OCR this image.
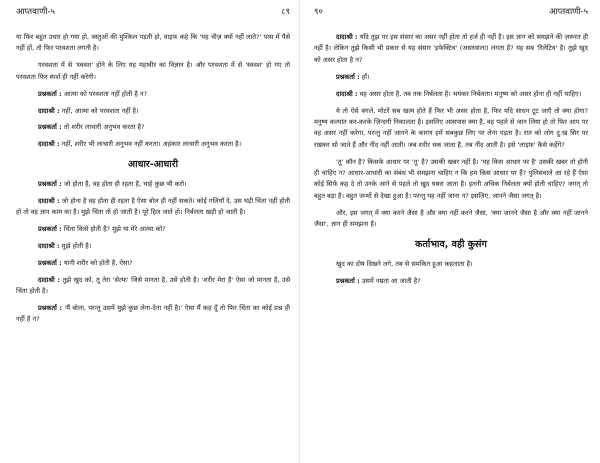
आप्तवाणी-५	८९

या फिर बहुत उधार हो गया हो, वस्तुओं की मुश्किल पड़ती हो, वाइफ कहे कि 'यह चीज़ क्यों नहीं लाते?' पास में पैसे नहीं हों, तो फिर परवशता लगती है।

परवशता में से 'स्ववश' होने के लिए यह महावीर का विज्ञान है। और परवशता में से 'स्ववश' हो गए तो परवशता फिर स्पर्श ही नहीं करेगी।

प्रश्नकर्ता : आत्मा को परवशता नहीं होती है न?

दादाश्री : नहीं, आत्मा को परवशता नहीं है।

प्रश्नकर्ता : तो शरीर लाचारी अनुभव करता है?

दादाश्री : नहीं, शरीर भी लाचारी अनुभव नहीं करता। अहंकार लाचारी अनुभव करता है।

आधार-आधारी

प्रश्नकर्ता : जो होता है, वह होता ही रहता है, चाहे कुछ भी करो।

दादाश्री : जो होना है वह होता ही रहता है ऐसा बोल ही नहीं सकते। कोई गलियाँ दे, उस घड़ी चिंता नहीं होती हो तो वह ज्ञान काम का है। मुझे चिंता तो हो जाती है। पूरे हिल जाते हो। निर्बलता खड़ी हो जाती है।

प्रश्नकर्ता : चिंता किसे होती है? मुझे या मेरे आत्मा को?

दादाश्री : मुझे होती है।

प्रश्नकर्ता : यानी शरीर को होती है, ऐसा?

दादाश्री : तुझे खुद को, तू तेरा 'सेल्फ' जिसे मानता है, उसे होती है। 'शरीर मेरा है' ऐसा जो मानता है, उसे चिंता होती है।

प्रश्नकर्ता : 'मैं बोला, परन्तु उसमें मुझे कुछ लेना-देना नहीं है।' ऐसा मैं कह दूँ तो फिर चिंता का कोई प्रश्न ही नहीं है न?

९०	आप्तवाणी-५

दादाश्री : यदि तुझ पर इस संसार का असर नहीं होता तो हर्ज ही नहीं है। इस ज्ञान को समझने की ज़रूरत ही नहीं है। लेकिन तुझे किसी भी प्रकार से यह संसार 'इफेक्टिव' (असरवाला) लगता है? यह सब 'रिलेटिव' है। तुझे खुद को असर होता है न?

प्रश्नकर्ता : हाँ।

दादाश्री : वह असर होता है, तब तक निर्बलता है। भयंकर निर्बलता! मनुष्य को असर होना ही नहीं चाहिए।

ये तो ऐसे बंगले, मोटरें सब खत्म होते हैं फिर भी असर होता है, फिर यदि साधन टूट जाएँ तो क्या होगा? मनुष्य कल्पांत कर-करके ज़िन्दगी निकालता है। इसलिए आसपास क्या है, वह पहले से जान लिया हो तो फिर आप पर वह असर नहीं करेगा, परन्तु नहीं जानने के कारण हमें सबकुछ लिए पर लेना पड़ता है। रात को लोग दु:ख सिर पर रखकर सो जाते हैं और नींद नहीं आती। जब शरीर थक जाता है, तब नींद आती है। इसे 'लाइफ' कैसे कहेंगे?

'तू' कौन है? किसके आधार पर 'तू' है? उसकी खबर नहीं है। 'यह किस आधार पर है' उसकी खबर तो होनी ही चाहिए न? आधार-आधारी का संबंध भी समझना चाहिए न कि हम किस आधार पर हैं? पुलिसवाले आ रहे हैं ऐसा कोई सिर्फ कह दे तो उनके आने से पहले तो खुद घबरा जाता है। इतनी अधिक निर्बलता क्यों होती चाहिए? जगत् तो बहुत बड़ा है। बहुत जन्मों से देखा हुआ है। परन्तु यह नहीं जाना न? इसलिए, जानने जैसा जगत् है।

और, इस जगत् में क्या करने जैसा है और क्या नहीं करने जैसा, 'क्या जानने जैसा है और क्या नहीं जानने जैसा', ज्ञान ही समझना है।

कर्ताभाव, वही कुसंग

खुद का दोष दिखने लगे, तब से समकित हुआ कहलाता है।

प्रश्नकर्ता : उसमें नम्रता आ जाती है?
